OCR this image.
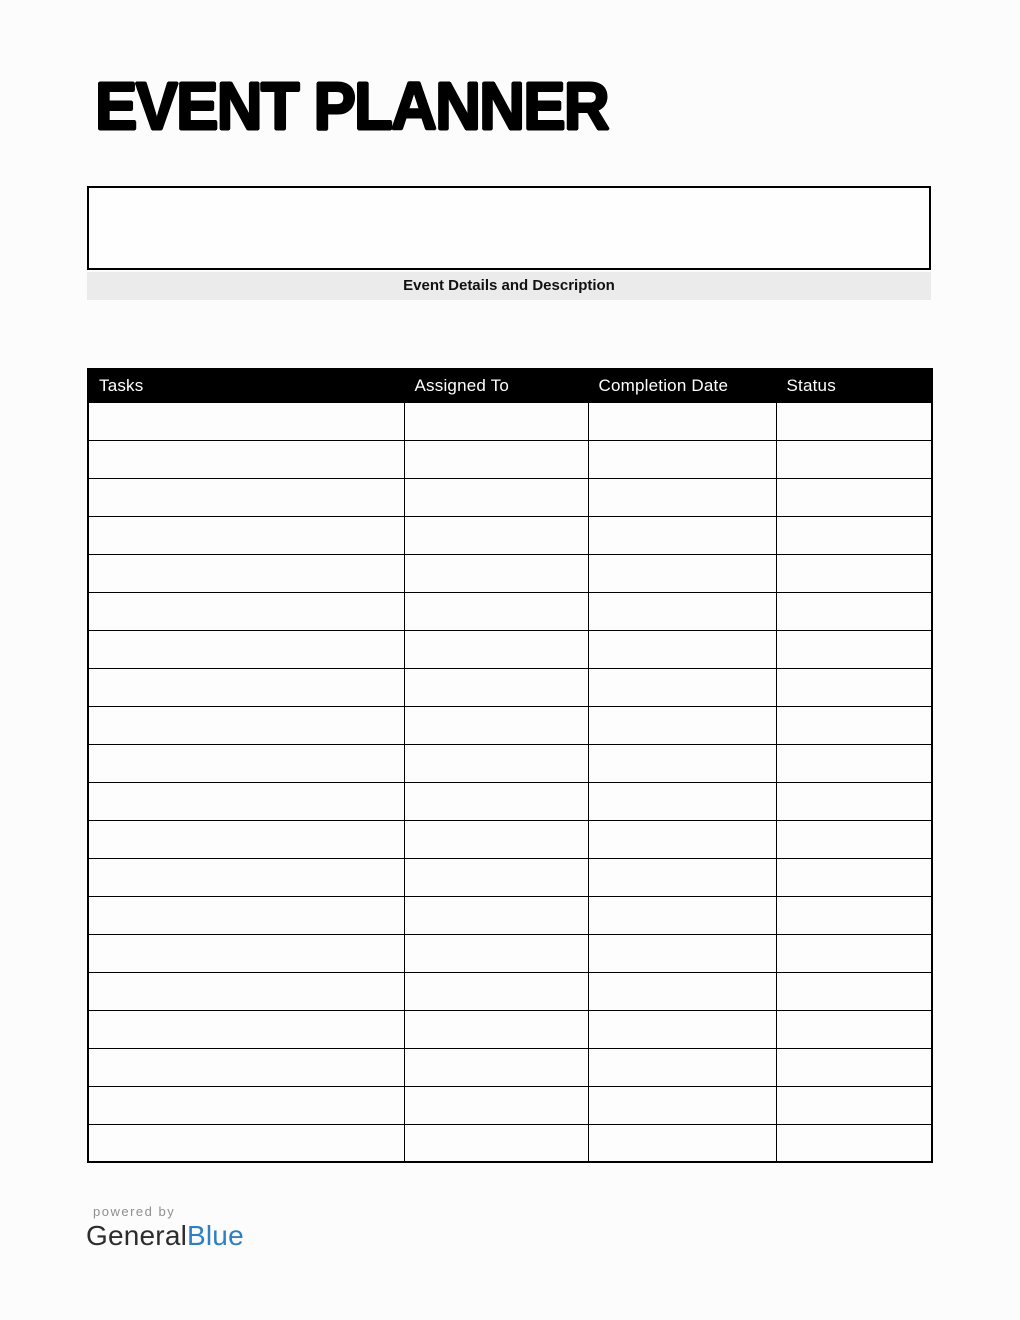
EVENT PLANNER
Event Details and Description
Tasks	Assigned To	Completion Date	Status

powered by
GeneralBlue
